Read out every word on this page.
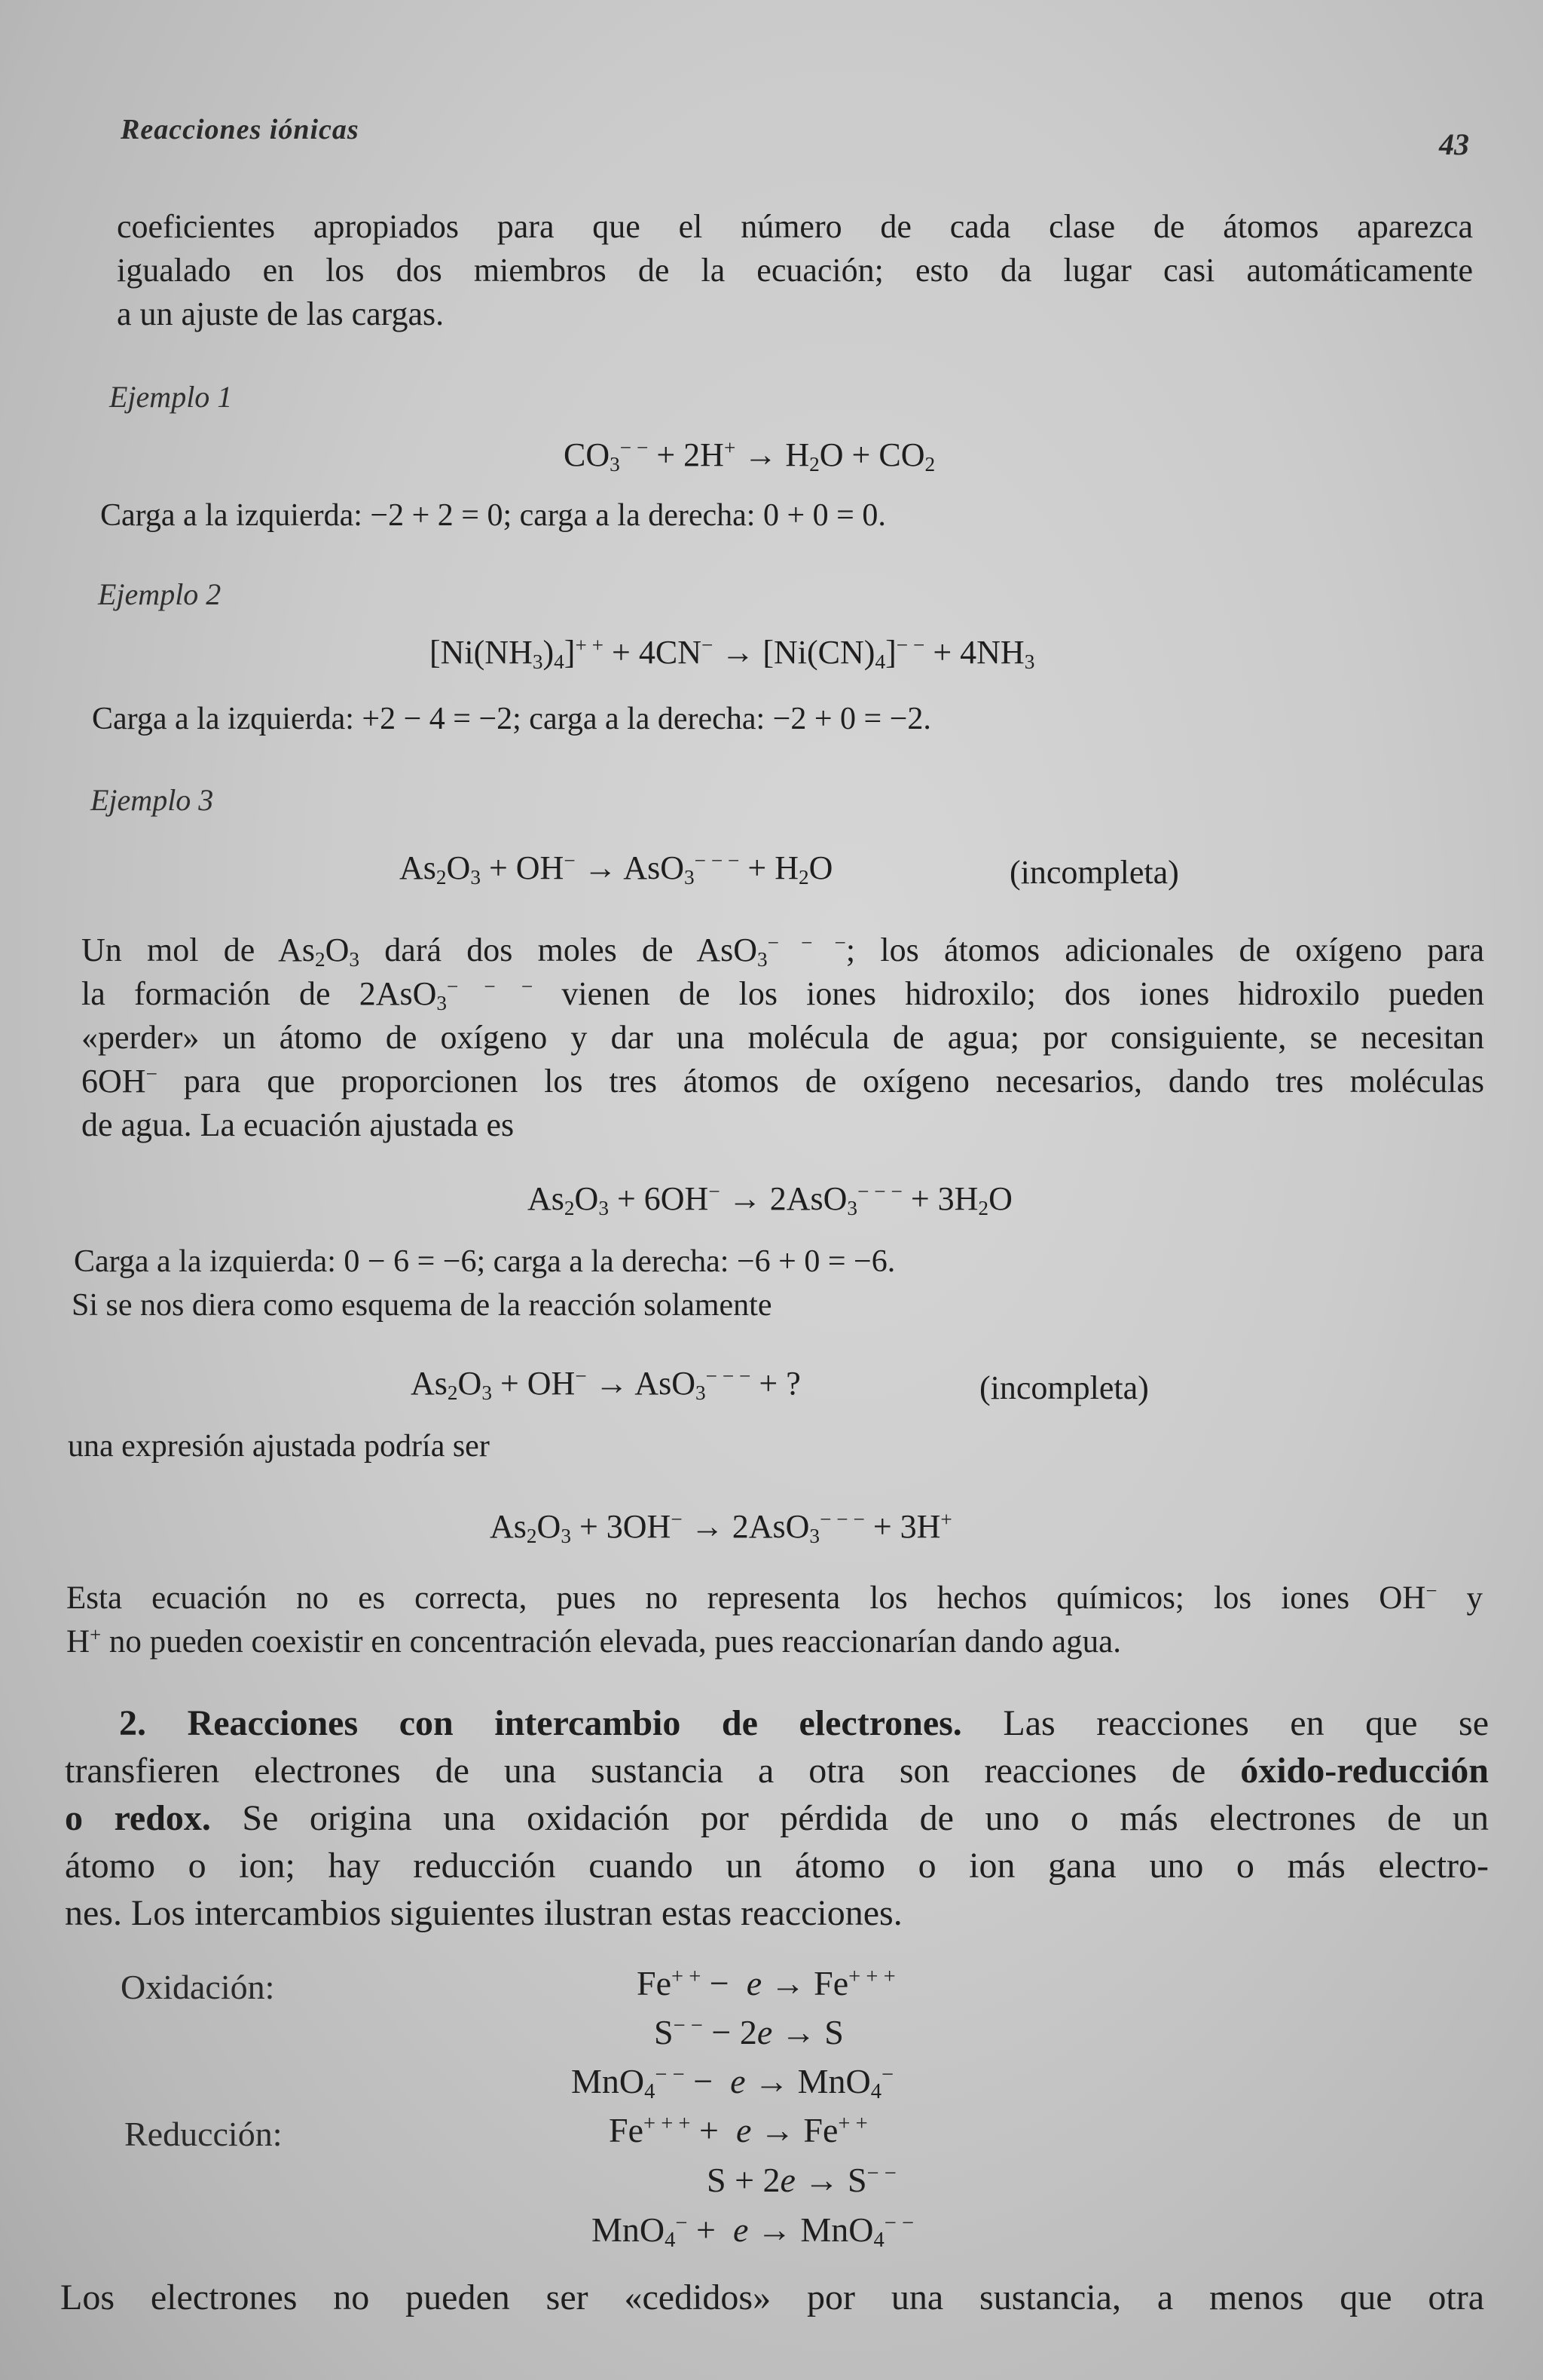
Reacciones iónicas	43
coeficientes apropiados para que el número de cada clase de átomos aparezca
igualado en los dos miembros de la ecuación; esto da lugar casi automáticamente
a un ajuste de las cargas.
Ejemplo 1
$CO_3^{- -} + 2H^+ \to H_2O + CO_2$
Carga a la izquierda: −2 + 2 = 0; carga a la derecha: 0 + 0 = 0.
Ejemplo 2
$[Ni(NH_3)_4]^{+ +} + 4CN^- \to [Ni(CN)_4]^{- -} + 4NH_3$
Carga a la izquierda: +2 − 4 = −2; carga a la derecha: −2 + 0 = −2.
Ejemplo 3
$As_2O_3 + OH^- \to AsO_3^{- - -} + H_2O$	(incompleta)
Un mol de $As_2O_3$ dará dos moles de AsO$_3$− − −; los átomos adicionales de oxígeno para
la formación de 2AsO$_3$− − − vienen de los iones hidroxilo; dos iones hidroxilo pueden
«perder» un átomo de oxígeno y dar una molécula de agua; por consiguiente, se necesitan
6OH− para que proporcionen los tres átomos de oxígeno necesarios, dando tres moléculas
de agua. La ecuación ajustada es
$As_2O_3 + 6OH^- \to 2AsO_3^{- - -} + 3H_2O$
Carga a la izquierda: 0 − 6 = −6; carga a la derecha: −6 + 0 = −6.
Si se nos diera como esquema de la reacción solamente
$As_2O_3 + OH^- \to AsO_3^{- - -}$ + ?	(incompleta)
una expresión ajustada podría ser
$As_2O_3 + 3OH^- \to 2AsO_3^{- - -} + 3H^+$
Esta ecuación no es correcta, pues no representa los hechos químicos; los iones OH− y
H+ no pueden coexistir en concentración elevada, pues reaccionarían dando agua.
2. Reacciones con intercambio de electrones. Las reacciones en que se
transfieren electrones de una sustancia a otra son reacciones de óxido-reducción
o redox. Se origina una oxidación por pérdida de uno o más electrones de un
átomo o ion; hay reducción cuando un átomo o ion gana uno o más electro-
nes. Los intercambios siguientes ilustran estas reacciones.
Oxidación:	Fe+ + −  e → Fe+ + +
S− − − 2e → S
MnO$_4$− − −  e → MnO$_4$−
Reducción:	Fe+ + + +  e → Fe+ +
S + 2e → S− −
MnO$_4$− +  e → MnO$_4$− −
Los electrones no pueden ser «cedidos» por una sustancia, a menos que otra
